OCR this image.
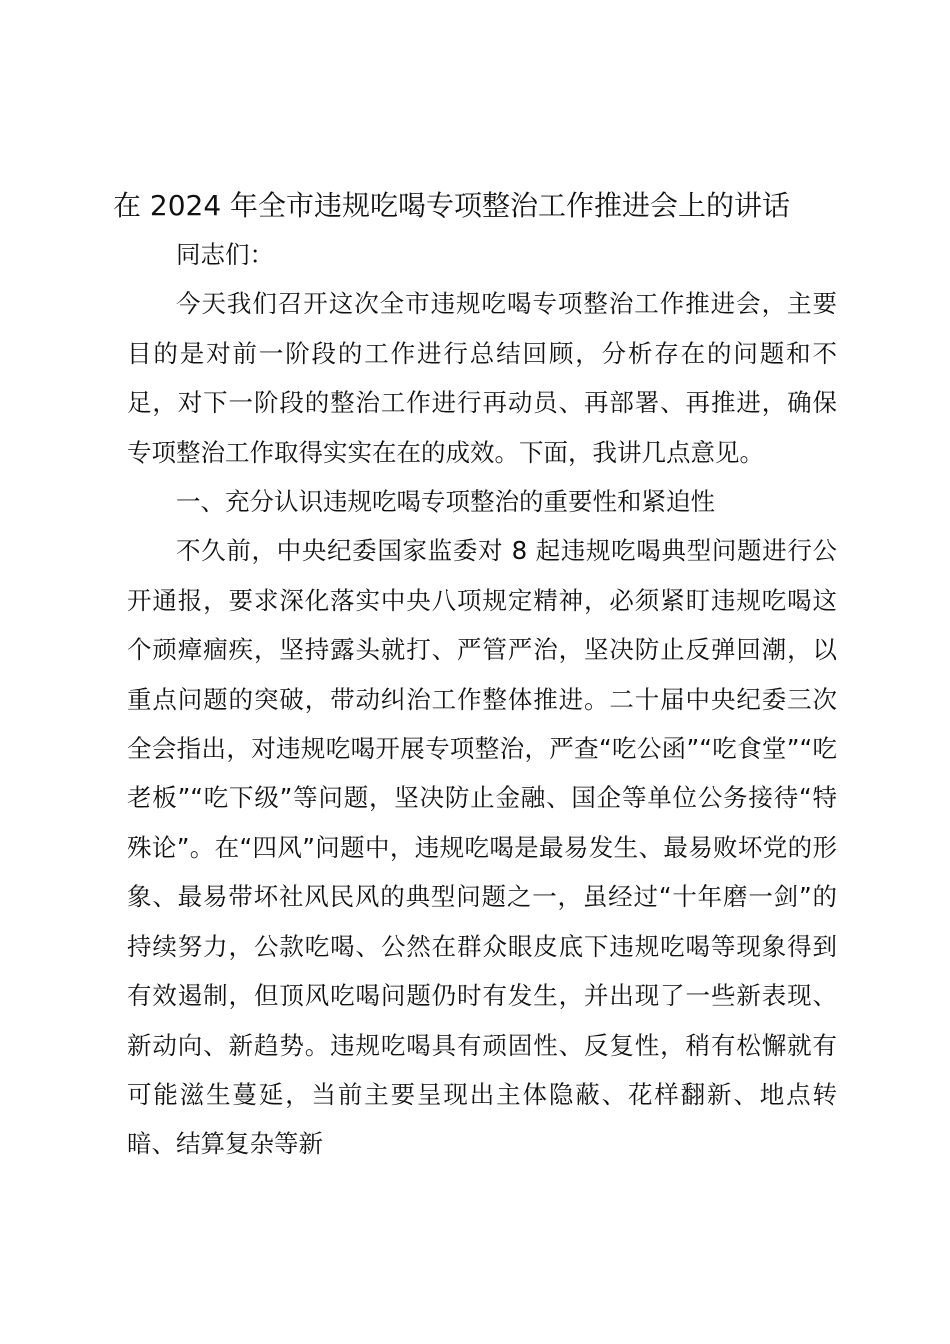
在 2024 年全市违规吃喝专项整治工作推进会上的讲话

同志们：

今天我们召开这次全市违规吃喝专项整治工作推进会，主要目的是对前一阶段的工作进行总结回顾，分析存在的问题和不足，对下一阶段的整治工作进行再动员、再部署、再推进，确保专项整治工作取得实实在在的成效。下面，我讲几点意见。

一、充分认识违规吃喝专项整治的重要性和紧迫性

不久前，中央纪委国家监委对 8 起违规吃喝典型问题进行公开通报，要求深化落实中央八项规定精神，必须紧盯违规吃喝这个顽瘴痼疾，坚持露头就打、严管严治，坚决防止反弹回潮，以重点问题的突破，带动纠治工作整体推进。二十届中央纪委三次全会指出，对违规吃喝开展专项整治，严查“吃公函”“吃食堂”“吃老板”“吃下级”等问题，坚决防止金融、国企等单位公务接待“特殊论”。在“四风”问题中，违规吃喝是最易发生、最易败坏党的形象、最易带坏社风民风的典型问题之一，虽经过“十年磨一剑”的持续努力，公款吃喝、公然在群众眼皮底下违规吃喝等现象得到有效遏制，但顶风吃喝问题仍时有发生，并出现了一些新表现、新动向、新趋势。违规吃喝具有顽固性、反复性，稍有松懈就有可能滋生蔓延，当前主要呈现出主体隐蔽、花样翻新、地点转暗、结算复杂等新
